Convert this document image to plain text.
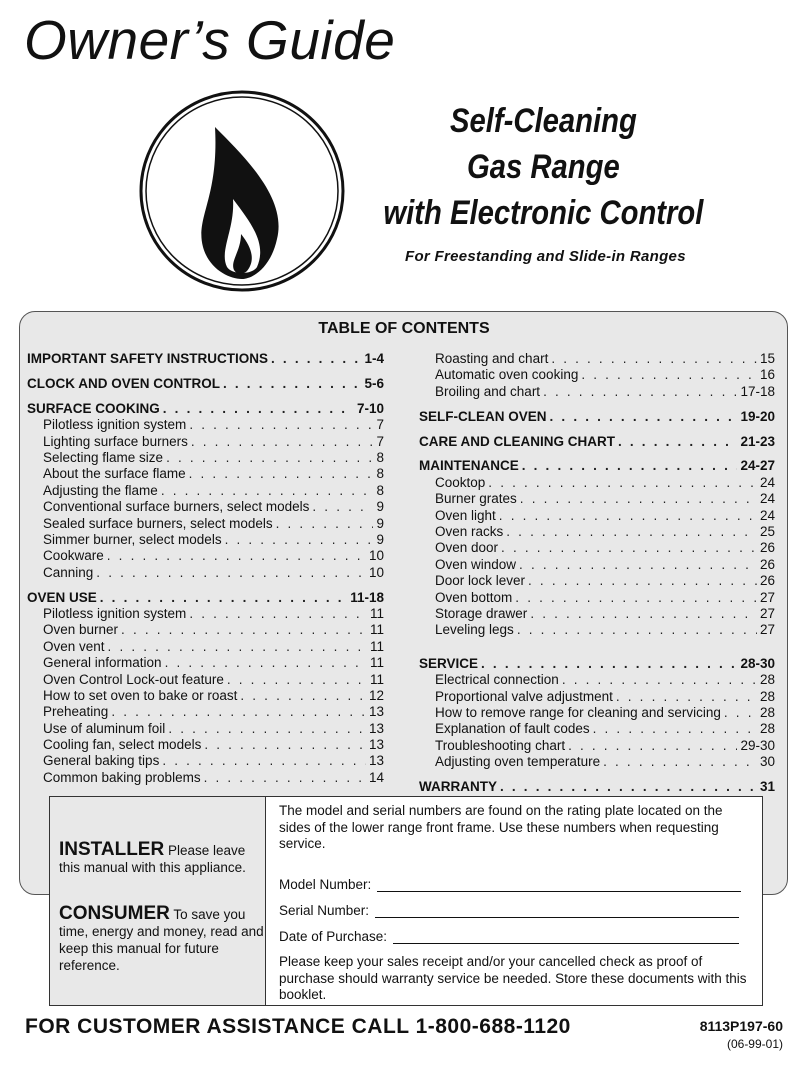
Owner’s Guide
Self-Cleaning
Gas Range
with Electronic Control
For Freestanding and Slide-in Ranges
TABLE OF CONTENTS
IMPORTANT SAFETY INSTRUCTIONS . . .	1-4
CLOCK AND OVEN CONTROL . . .	5-6
SURFACE COOKING . . .	7-10
Pilotless ignition system . . .	7
Lighting surface burners . . .	7
Selecting flame size . . .	8
About the surface flame . . .	8
Adjusting the flame . . .	8
Conventional surface burners, select models . . .	9
Sealed surface burners, select models . . .	9
Simmer burner, select models . . .	9
Cookware . . .	10
Canning . . .	10
OVEN USE . . .	11-18
Pilotless ignition system . . .	11
Oven burner . . .	11
Oven vent . . .	11
General information . . .	11
Oven Control Lock-out feature . . .	11
How to set oven to bake or roast . . .	12
Preheating . . .	13
Use of aluminum foil . . .	13
Cooling fan, select models . . .	13
General baking tips . . .	13
Common baking problems . . .	14
Roasting and chart . . .	15
Automatic oven cooking . . .	16
Broiling and chart . . .	17-18
SELF-CLEAN OVEN . . .	19-20
CARE AND CLEANING CHART . . .	21-23
MAINTENANCE . . .	24-27
Cooktop . . .	24
Burner grates . . .	24
Oven light . . .	24
Oven racks . . .	25
Oven door . . .	26
Oven window . . .	26
Door lock lever . . .	26
Oven bottom . . .	27
Storage drawer . . .	27
Leveling legs . . .	27
SERVICE . . .	28-30
Electrical connection . . .	28
Proportional valve adjustment . . .	28
How to remove range for cleaning and servicing . . .	28
Explanation of fault codes . . .	28
Troubleshooting chart . . .	29-30
Adjusting oven temperature . . .	30
WARRANTY . . .	31
INSTALLER Please leave this manual with this appliance.
CONSUMER To save you time, energy and money, read and keep this manual for future reference.
The model and serial numbers are found on the rating plate located on the sides of the lower range front frame. Use these numbers when requesting service.
Model Number:
Serial Number:
Date of Purchase:
Please keep your sales receipt and/or your cancelled check as proof of purchase should warranty service be needed. Store these documents with this booklet.
FOR CUSTOMER ASSISTANCE CALL 1-800-688-1120	8113P197-60
(06-99-01)
